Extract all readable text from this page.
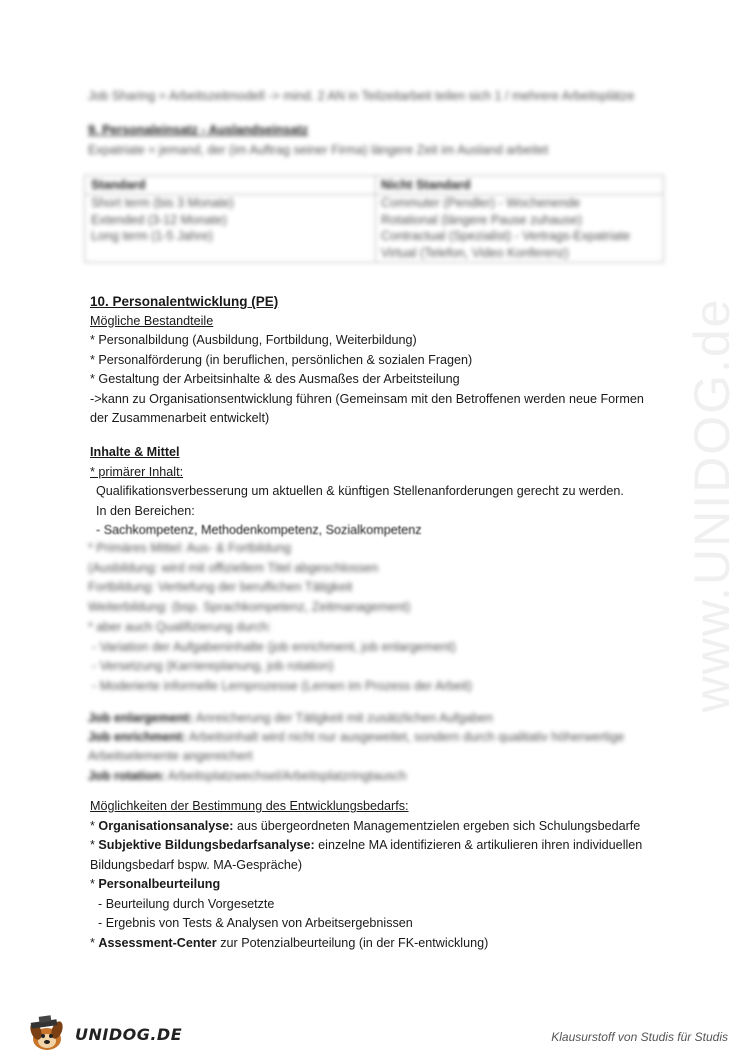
www.UNIDOG.de
Job Sharing = Arbeitszeitmodell -> mind. 2 AN in Teilzeitarbeit teilen sich 1 / mehrere Arbeitsplätze
9. Personaleinsatz - Auslandseinsatz
Expatriate = jemand, der (im Auftrag seiner Firma) längere Zeit im Ausland arbeitet
Standard
Short term (bis 3 Monate)
Extended (3-12 Monate)
Long term (1-5 Jahre)
Nicht Standard
Commuter (Pendler) - Wochenende
Rotational (längere Pause zuhause)
Contractual (Spezialist) - Vertrags-Expatriate
Virtual (Telefon, Video Konferenz)
10. Personalentwicklung (PE)
Mögliche Bestandteile
* Personalbildung (Ausbildung, Fortbildung, Weiterbildung)
* Personalförderung (in beruflichen, persönlichen & sozialen Fragen)
* Gestaltung der Arbeitsinhalte & des Ausmaßes der Arbeitsteilung
->kann zu Organisationsentwicklung führen (Gemeinsam mit den Betroffenen werden neue Formen
der Zusammenarbeit entwickelt)
Inhalte & Mittel
* primärer Inhalt:
Qualifikationsverbesserung um aktuellen & künftigen Stellenanforderungen gerecht zu werden.
In den Bereichen:
- Sachkompetenz, Methodenkompetenz, Sozialkompetenz
* Primäres Mittel: Aus- & Fortbildung
(Ausbildung: wird mit offiziellem Titel abgeschlossen
Fortbildung: Vertiefung der beruflichen Tätigkeit
Weiterbildung: (bsp. Sprachkompetenz, Zeitmanagement)
* aber auch Qualifizierung durch:
- Variation der Aufgabeninhalte (job enrichment, job enlargement)
- Versetzung (Karriereplanung, job rotation)
- Moderierte informelle Lernprozesse (Lernen im Prozess der Arbeit)
Job enlargement: Anreicherung der Tätigkeit mit zusätzlichen Aufgaben
Job enrichment: Arbeitsinhalt wird nicht nur ausgeweitet, sondern durch qualitativ höherwertige
Arbeitselemente angereichert
Job rotation: Arbeitsplatzwechsel/Arbeitsplatzringtausch
Möglichkeiten der Bestimmung des Entwicklungsbedarfs:
* Organisationsanalyse: aus übergeordneten Managementzielen ergeben sich Schulungsbedarfe
* Subjektive Bildungsbedarfsanalyse: einzelne MA identifizieren & artikulieren ihren individuellen
Bildungsbedarf bspw. MA-Gespräche)
* Personalbeurteilung
- Beurteilung durch Vorgesetzte
- Ergebnis von Tests & Analysen von Arbeitsergebnissen
* Assessment-Center zur Potenzialbeurteilung (in der FK-entwicklung)
UNIDOG.DE	Klausurstoff von Studis für Studis
